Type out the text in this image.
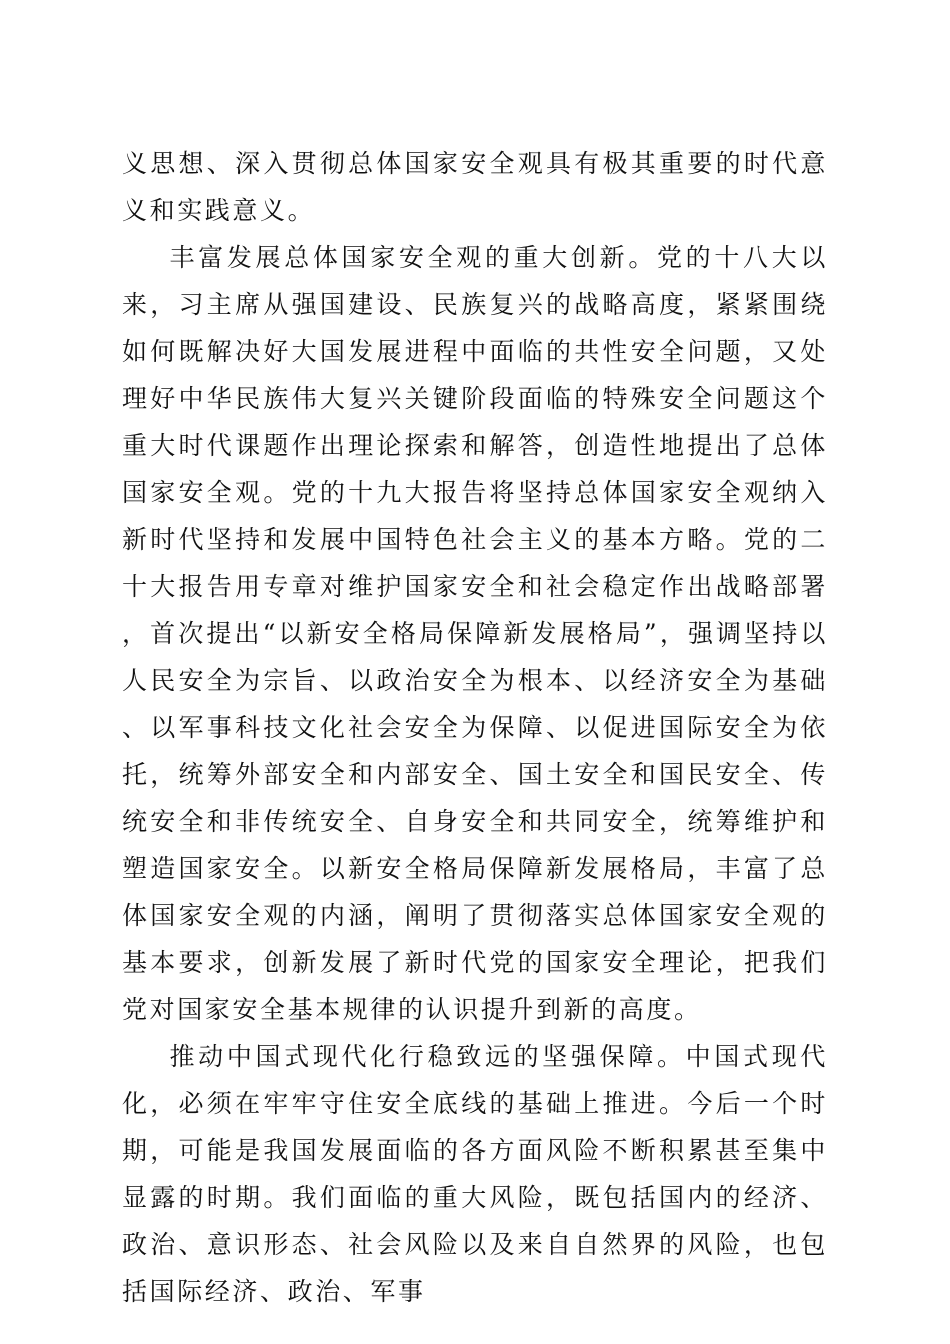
义思想、深入贯彻总体国家安全观具有极其重要的时代意义和实践意义。

丰富发展总体国家安全观的重大创新。党的十八大以来，习主席从强国建设、民族复兴的战略高度，紧紧围绕如何既解决好大国发展进程中面临的共性安全问题，又处理好中华民族伟大复兴关键阶段面临的特殊安全问题这个重大时代课题作出理论探索和解答，创造性地提出了总体国家安全观。党的十九大报告将坚持总体国家安全观纳入新时代坚持和发展中国特色社会主义的基本方略。党的二十大报告用专章对维护国家安全和社会稳定作出战略部署，首次提出“以新安全格局保障新发展格局”，强调坚持以人民安全为宗旨、以政治安全为根本、以经济安全为基础、以军事科技文化社会安全为保障、以促进国际安全为依托，统筹外部安全和内部安全、国土安全和国民安全、传统安全和非传统安全、自身安全和共同安全，统筹维护和塑造国家安全。以新安全格局保障新发展格局，丰富了总体国家安全观的内涵，阐明了贯彻落实总体国家安全观的基本要求，创新发展了新时代党的国家安全理论，把我们党对国家安全基本规律的认识提升到新的高度。

推动中国式现代化行稳致远的坚强保障。中国式现代化，必须在牢牢守住安全底线的基础上推进。今后一个时期，可能是我国发展面临的各方面风险不断积累甚至集中显露的时期。我们面临的重大风险，既包括国内的经济、政治、意识形态、社会风险以及来自自然界的风险，也包括国际经济、政治、军事
